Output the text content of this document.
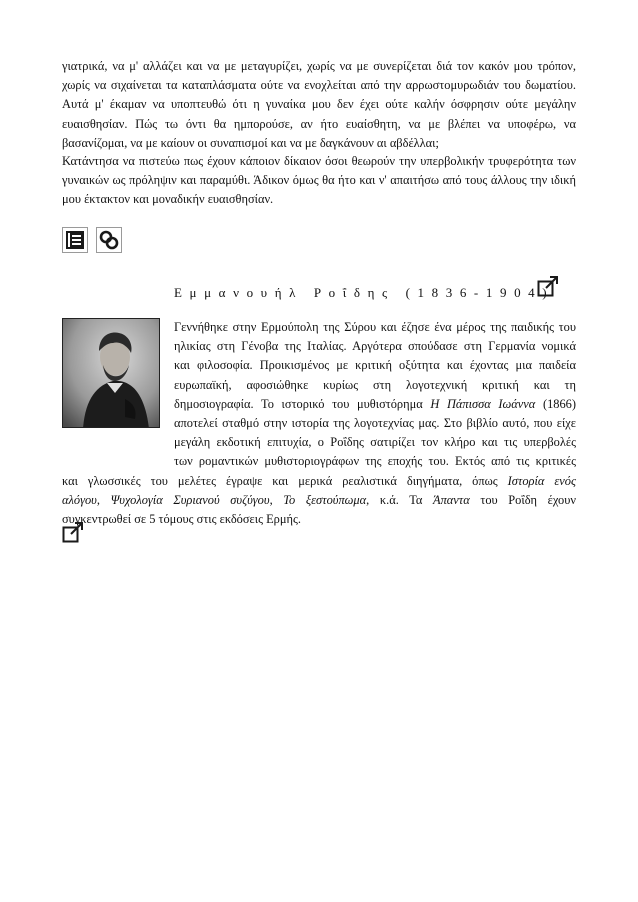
γιατρικά, να μ' αλλάζει και να με μεταγυρίζει, χωρίς να με συνερίζεται διά τον κακόν μου τρόπον, χωρίς να σιχαίνεται τα καταπλάσματα ούτε να ενοχλείται από την αρρωστομυρωδιάν του δωματίου. Αυτά μ' έκαμαν να υποπτευθώ ότι η γυναίκα μου δεν έχει ούτε καλήν όσφρησιν ούτε μεγάλην ευαισθησίαν. Πώς τω όντι θα ημπορούσε, αν ήτο ευαίσθητη, να με βλέπει να υποφέρω, να βασανίζομαι, να με καίουν οι συναπισμοί και να με δαγκάνουν αι αβδέλλαι;

Κατάντησα να πιστεύω πως έχουν κάποιον δίκαιον όσοι θεωρούν την υπερβολικήν τρυφερότητα των γυναικών ως πρόληψιν και παραμύθι. Άδικον όμως θα ήτο και ν' απαιτήσω από τους άλλους την ιδική μου έκτακτον και μοναδικήν ευαισθησίαν.

Εμμανουήλ Ροΐδης (1836-1904)

Γεννήθηκε στην Ερμούπολη της Σύρου και έζησε ένα μέρος της παιδικής του

ηλικίας στη Γένοβα της Ιταλίας. Αργότερα σπούδασε στη Γερμανία νομικά

και φιλοσοφία. Προικισμένος με κριτική οξύτητα και έχοντας μια παιδεία

ευρωπαϊκή, αφοσιώθηκε κυρίως στη λογοτεχνική κριτική και τη

δημοσιογραφία. Το ιστορικό του μυθιστόρημα Η Πάπισσα Ιωάννα (1866)

αποτελεί σταθμό στην ιστορία της λογοτεχνίας μας. Στο βιβλίο αυτό, που είχε

μεγάλη εκδοτική επιτυχία, ο Ροΐδης σατιρίζει τον κλήρο και τις υπερβολές

των ρομαντικών μυθιστοριογράφων της εποχής του. Εκτός από τις κριτικές

και γλωσσικές του μελέτες έγραψε και μερικά ρεαλιστικά διηγήματα, όπως Ιστορία ενός

αλόγου, Ψυχολογία Συριανού συζύγου, Το ξεστούπωμα, κ.ά. Τα Άπαντα του Ροΐδη έχουν

συγκεντρωθεί σε 5 τόμους στις εκδόσεις Ερμής.
